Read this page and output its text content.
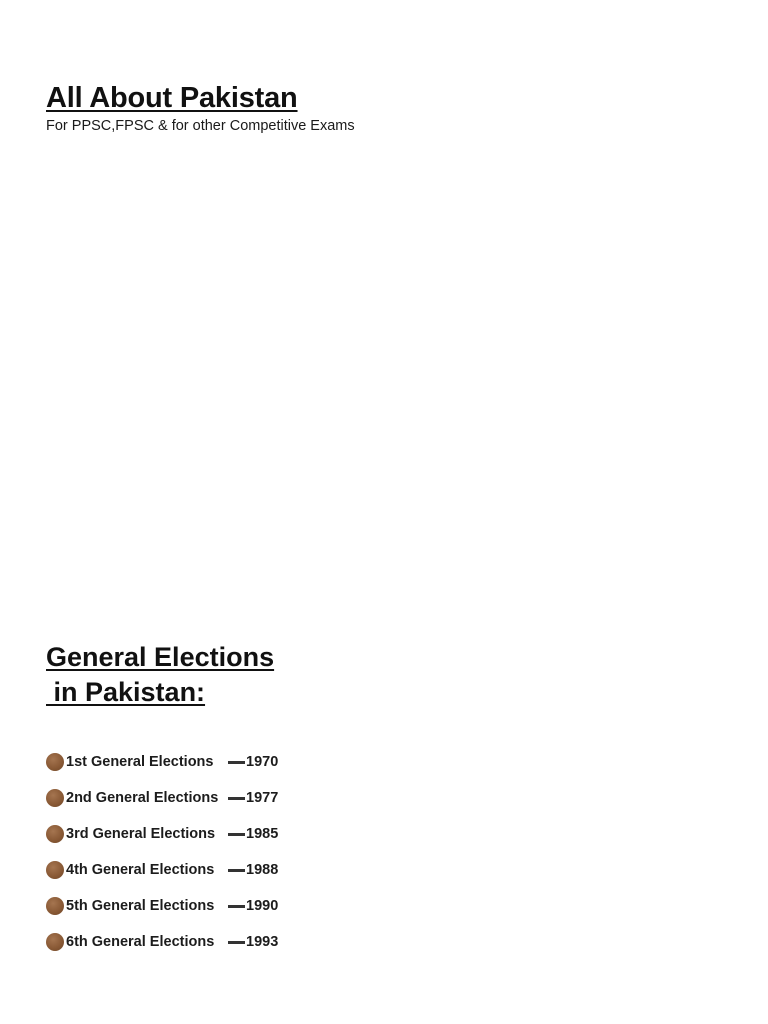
All About Pakistan

For PPSC,FPSC & for other Competitive Exams

General Elections
in Pakistan:
1st General Elections	1970
2nd General Elections	1977
3rd General Elections	1985
4th General Elections	1988
5th General Elections	1990
6th General Elections	1993
